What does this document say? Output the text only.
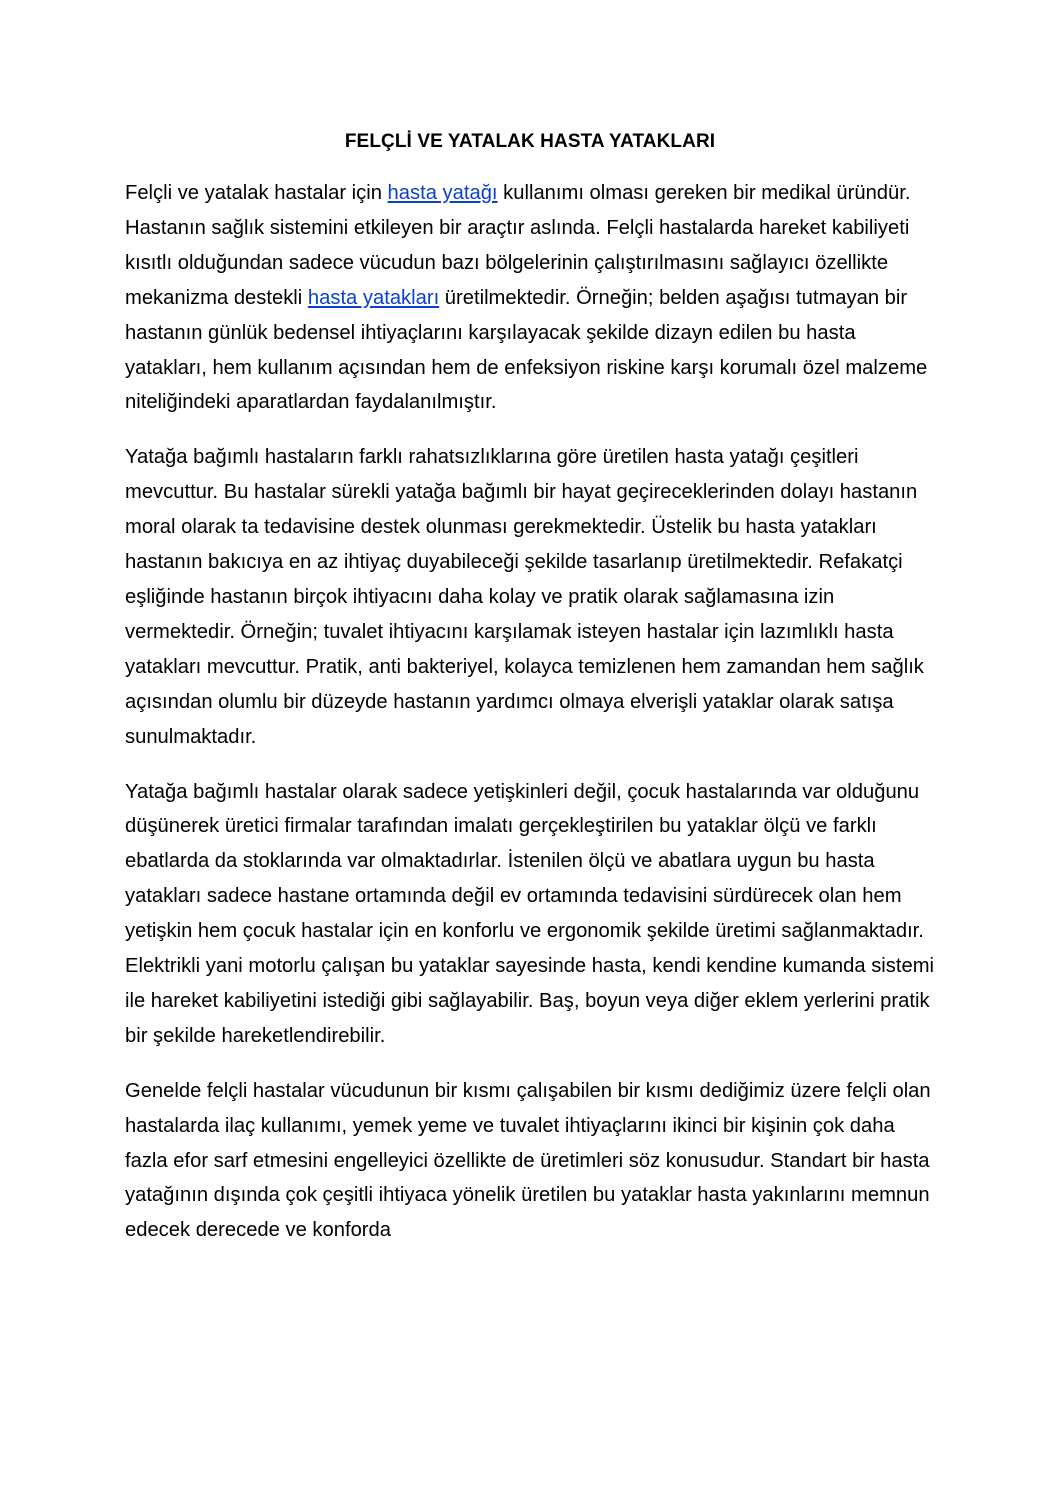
FELÇLİ VE YATALAK HASTA YATAKLARI

Felçli ve yatalak hastalar için hasta yatağı kullanımı olması gereken bir medikal üründür. Hastanın sağlık sistemini etkileyen bir araçtır aslında. Felçli hastalarda hareket kabiliyeti kısıtlı olduğundan sadece vücudun bazı bölgelerinin çalıştırılmasını sağlayıcı özellikte mekanizma destekli hasta yatakları üretilmektedir. Örneğin; belden aşağısı tutmayan bir hastanın günlük bedensel ihtiyaçlarını karşılayacak şekilde dizayn edilen bu hasta yatakları, hem kullanım açısından hem de enfeksiyon riskine karşı korumalı özel malzeme niteliğindeki aparatlardan faydalanılmıştır.

Yatağa bağımlı hastaların farklı rahatsızlıklarına göre üretilen hasta yatağı çeşitleri mevcuttur. Bu hastalar sürekli yatağa bağımlı bir hayat geçireceklerinden dolayı hastanın moral olarak ta tedavisine destek olunması gerekmektedir. Üstelik bu hasta yatakları hastanın bakıcıya en az ihtiyaç duyabileceği şekilde tasarlanıp üretilmektedir. Refakatçi eşliğinde hastanın birçok ihtiyacını daha kolay ve pratik olarak sağlamasına izin vermektedir. Örneğin; tuvalet ihtiyacını karşılamak isteyen hastalar için lazımlıklı hasta yatakları mevcuttur. Pratik, anti bakteriyel, kolayca temizlenen hem zamandan hem sağlık açısından olumlu bir düzeyde hastanın yardımcı olmaya elverişli yataklar olarak satışa sunulmaktadır.

Yatağa bağımlı hastalar olarak sadece yetişkinleri değil, çocuk hastalarında var olduğunu düşünerek üretici firmalar tarafından imalatı gerçekleştirilen bu yataklar ölçü ve farklı ebatlarda da stoklarında var olmaktadırlar. İstenilen ölçü ve abatlara uygun bu hasta yatakları sadece hastane ortamında değil ev ortamında tedavisini sürdürecek olan hem yetişkin hem çocuk hastalar için en konforlu ve ergonomik şekilde üretimi sağlanmaktadır. Elektrikli yani motorlu çalışan bu yataklar sayesinde hasta, kendi kendine kumanda sistemi ile hareket kabiliyetini istediği gibi sağlayabilir. Baş, boyun veya diğer eklem yerlerini pratik bir şekilde hareketlendirebilir.

Genelde felçli hastalar vücudunun bir kısmı çalışabilen bir kısmı dediğimiz üzere felçli olan hastalarda ilaç kullanımı, yemek yeme ve tuvalet ihtiyaçlarını ikinci bir kişinin çok daha fazla efor sarf etmesini engelleyici özellikte de üretimleri söz konusudur. Standart bir hasta yatağının dışında çok çeşitli ihtiyaca yönelik üretilen bu yataklar hasta yakınlarını memnun edecek derecede ve konforda
